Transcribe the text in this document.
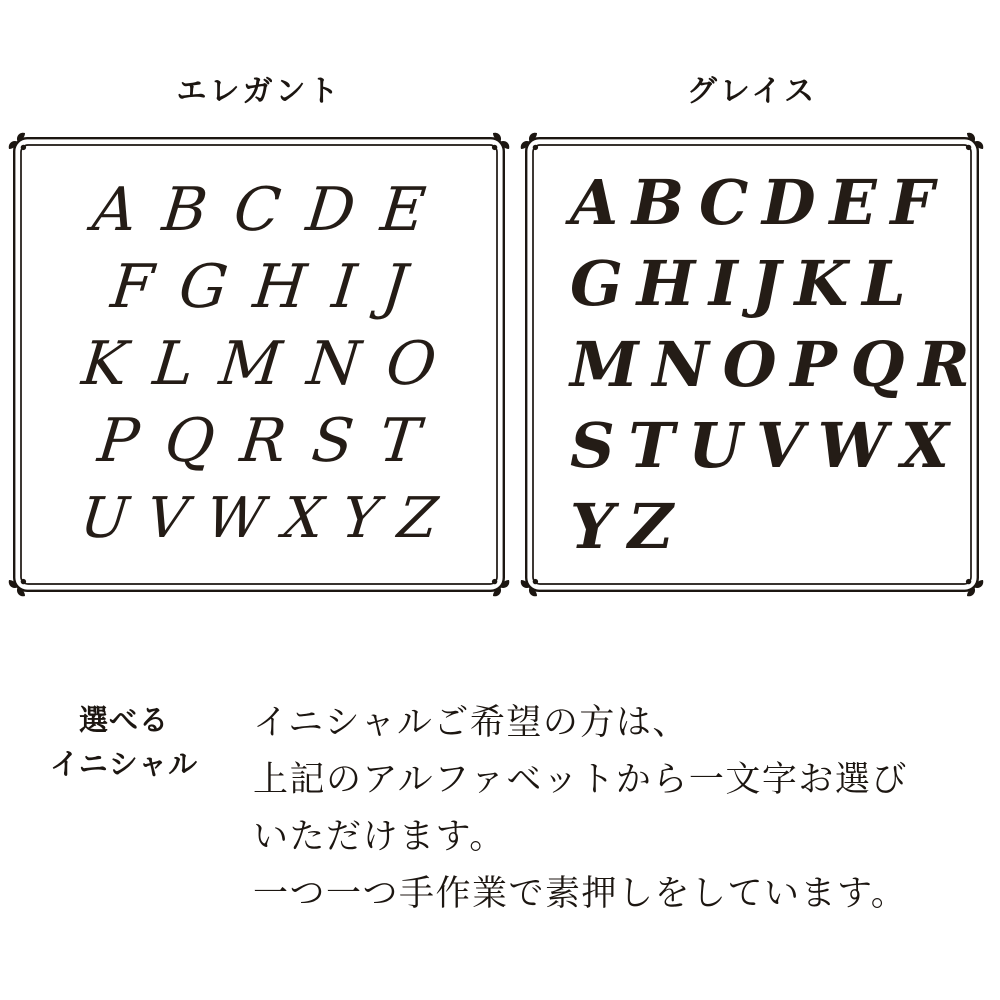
エレガント	グレイス
ABCDE
FGHIJ
KLMNO
PQRST
UVWXYZ
ABCDEF
GHIJKL
MNOPQR
STUVWX
YZ
選べる
イニシャル
イニシャルご希望の方は、
上記のアルファベットから一文字お選び
いただけます。
一つ一つ手作業で素押しをしています。
